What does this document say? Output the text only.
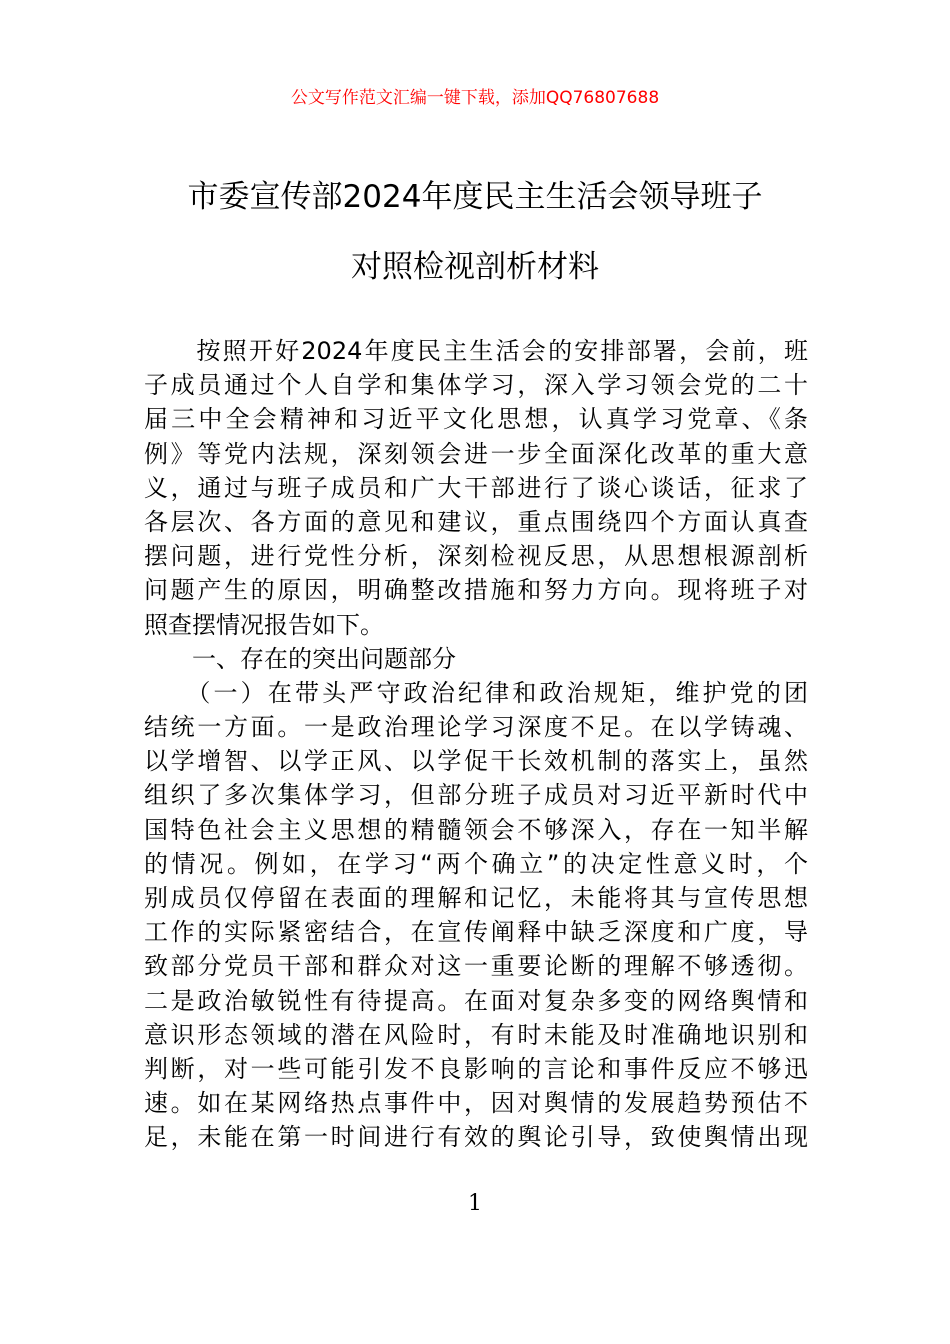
公文写作范文汇编一键下载，添加QQ76807688
市委宣传部2024年度民主生活会领导班子
对照检视剖析材料
　　按照开好2024年度民主生活会的安排部署，会前，班
子成员通过个人自学和集体学习，深入学习领会党的二十
届三中全会精神和习近平文化思想，认真学习党章、《条
例》等党内法规，深刻领会进一步全面深化改革的重大意
义，通过与班子成员和广大干部进行了谈心谈话，征求了
各层次、各方面的意见和建议，重点围绕四个方面认真查
摆问题，进行党性分析，深刻检视反思，从思想根源剖析
问题产生的原因，明确整改措施和努力方向。现将班子对
照查摆情况报告如下。
　　一、存在的突出问题部分
　　（一）在带头严守政治纪律和政治规矩，维护党的团
结统一方面。一是政治理论学习深度不足。在以学铸魂、
以学增智、以学正风、以学促干长效机制的落实上，虽然
组织了多次集体学习，但部分班子成员对习近平新时代中
国特色社会主义思想的精髓领会不够深入，存在一知半解
的情况。例如，在学习“两个确立”的决定性意义时，个
别成员仅停留在表面的理解和记忆，未能将其与宣传思想
工作的实际紧密结合，在宣传阐释中缺乏深度和广度，导
致部分党员干部和群众对这一重要论断的理解不够透彻。
二是政治敏锐性有待提高。在面对复杂多变的网络舆情和
意识形态领域的潜在风险时，有时未能及时准确地识别和
判断，对一些可能引发不良影响的言论和事件反应不够迅
速。如在某网络热点事件中，因对舆情的发展趋势预估不
足，未能在第一时间进行有效的舆论引导，致使舆情出现
1
